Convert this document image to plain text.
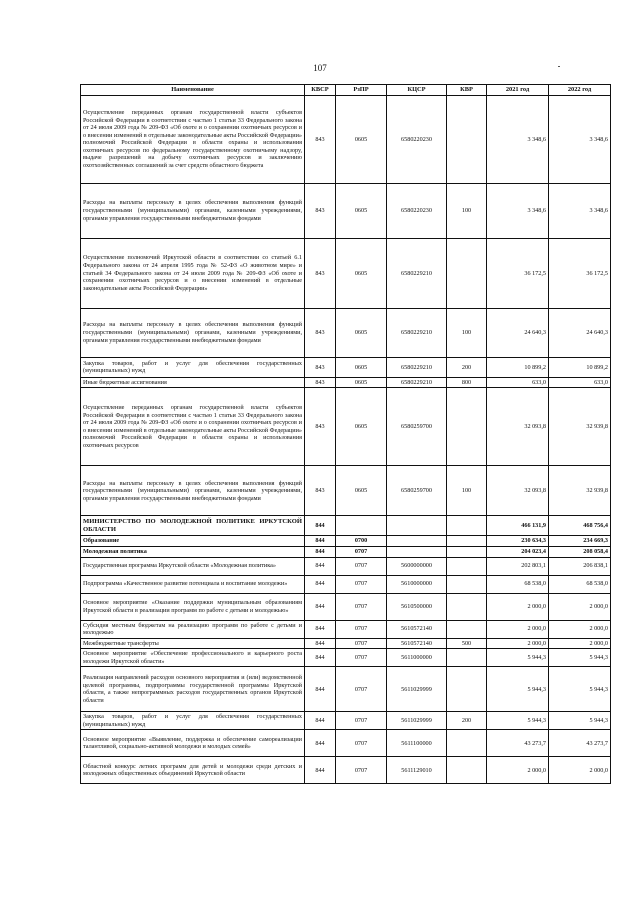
107
Наименование	КВСР	РзПР	КЦСР	КВР	2021 год	2022 год
Осуществление переданных органам государственной власти субъектов Российской Федерации в соответствии с частью 1 статьи 33 Федерального закона от 24 июля 2009 года № 209-ФЗ «Об охоте и о сохранении охотничьих ресурсов и о внесении изменений в отдельные законодательные акты Российской Федерации» полномочий Российской Федерации в области охраны и использования охотничьих ресурсов по федеральному государственному охотничьему надзору, выдаче разрешений на добычу охотничьих ресурсов и заключению охотхозяйственных соглашений за счет средств областного бюджета	843	0605	6580220230		3 348,6	3 348,6
Расходы на выплаты персоналу в целях обеспечения выполнения функций государственными (муниципальными) органами, казенными учреждениями, органами управления государственными внебюджетными фондами	843	0605	6580220230	100	3 348,6	3 348,6
Осуществление полномочий Иркутской области в соответствии со статьей 6.1 Федерального закона от 24 апреля 1995 года № 52-ФЗ «О животном мире» и статьей 34 Федерального закона от 24 июля 2009 года № 209-ФЗ «Об охоте и сохранении охотничьих ресурсов и о внесении изменений в отдельные законодательные акты Российской Федерации»	843	0605	6580229210		36 172,5	36 172,5
Расходы на выплаты персоналу в целях обеспечения выполнения функций государственными (муниципальными) органами, казенными учреждениями, органами управления государственными внебюджетными фондами	843	0605	6580229210	100	24 640,3	24 640,3
Закупка товаров, работ и услуг для обеспечения государственных (муниципальных) нужд	843	0605	6580229210	200	10 899,2	10 899,2
Иные бюджетные ассигнования	843	0605	6580229210	800	633,0	633,0
Осуществление переданных органам государственной власти субъектов Российской Федерации в соответствии с частью 1 статьи 33 Федерального закона от 24 июля 2009 года № 209-ФЗ «Об охоте и о сохранении охотничьих ресурсов и о внесении изменений в отдельные законодательные акты Российской Федерации» полномочий Российской Федерации в области охраны и использования охотничьих ресурсов	843	0605	6580259700		32 093,8	32 939,8
Расходы на выплаты персоналу в целях обеспечения выполнения функций государственными (муниципальными) органами, казенными учреждениями, органами управления государственными внебюджетными фондами	843	0605	6580259700	100	32 093,8	32 939,8
МИНИСТЕРСТВО ПО МОЛОДЕЖНОЙ ПОЛИТИКЕ ИРКУТСКОЙ ОБЛАСТИ	844				466 131,9	468 756,4
Образование	844	0700			230 634,3	234 669,3
Молодежная политика	844	0707			204 023,4	208 058,4
Государственная программа Иркутской области «Молодежная политика»	844	0707	5600000000		202 803,1	206 838,1
Подпрограмма «Качественное развитие потенциала и воспитание молодежи»	844	0707	5610000000		68 538,0	68 538,0
Основное мероприятие «Оказание поддержки муниципальным образованиям Иркутской области в реализации программ по работе с детьми и молодежью»	844	0707	5610500000		2 000,0	2 000,0
Субсидия местным бюджетам на реализацию программ по работе с детьми и молодежью	844	0707	5610572140		2 000,0	2 000,0
Межбюджетные трансферты	844	0707	5610572140	500	2 000,0	2 000,0
Основное мероприятие «Обеспечение профессионального и карьерного роста молодежи Иркутской области»	844	0707	5611000000		5 944,3	5 944,3
Реализация направлений расходов основного мероприятия и (или) ведомственной целевой программы, подпрограммы государственной программы Иркутской области, а также непрограммных расходов государственных органов Иркутской области	844	0707	5611029999		5 944,3	5 944,3
Закупка товаров, работ и услуг для обеспечения государственных (муниципальных) нужд	844	0707	5611029999	200	5 944,3	5 944,3
Основное мероприятие «Выявление, поддержка и обеспечение самореализации талантливой, социально-активной молодежи и молодых семей»	844	0707	5611100000		43 273,7	43 273,7
Областной конкурс летних программ для детей и молодежи среди детских и молодежных общественных объединений Иркутской области	844	0707	5611129010		2 000,0	2 000,0
